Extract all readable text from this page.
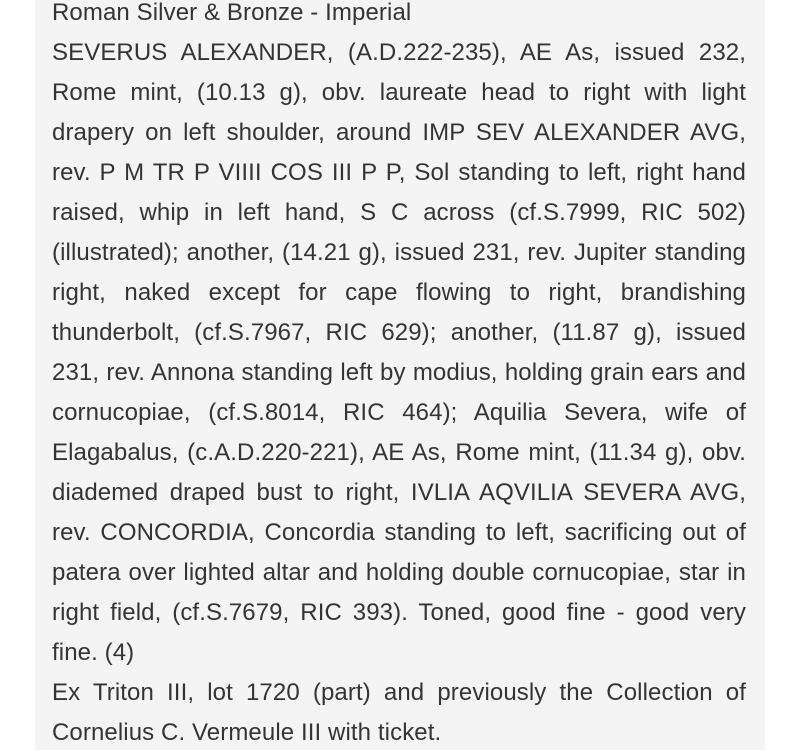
Roman Silver & Bronze - Imperial
SEVERUS ALEXANDER, (A.D.222-235), AE As, issued 232, Rome mint, (10.13 g), obv. laureate head to right with light drapery on left shoulder, around IMP SEV ALEXANDER AVG, rev. P M TR P VIIII COS III P P, Sol standing to left, right hand raised, whip in left hand, S C across (cf.S.7999, RIC 502) (illustrated); another, (14.21 g), issued 231, rev. Jupiter standing right, naked except for cape flowing to right, brandishing thunderbolt, (cf.S.7967, RIC 629); another, (11.87 g), issued 231, rev. Annona standing left by modius, holding grain ears and cornucopiae, (cf.S.8014, RIC 464); Aquilia Severa, wife of Elagabalus, (c.A.D.220-221), AE As, Rome mint, (11.34 g), obv. diademed draped bust to right, IVLIA AQVILIA SEVERA AVG, rev. CONCORDIA, Concordia standing to left, sacrificing out of patera over lighted altar and holding double cornucopiae, star in right field, (cf.S.7679, RIC 393). Toned, good fine - good very fine. (4)
Ex Triton III, lot 1720 (part) and previously the Collection of Cornelius C. Vermeule III with ticket.
